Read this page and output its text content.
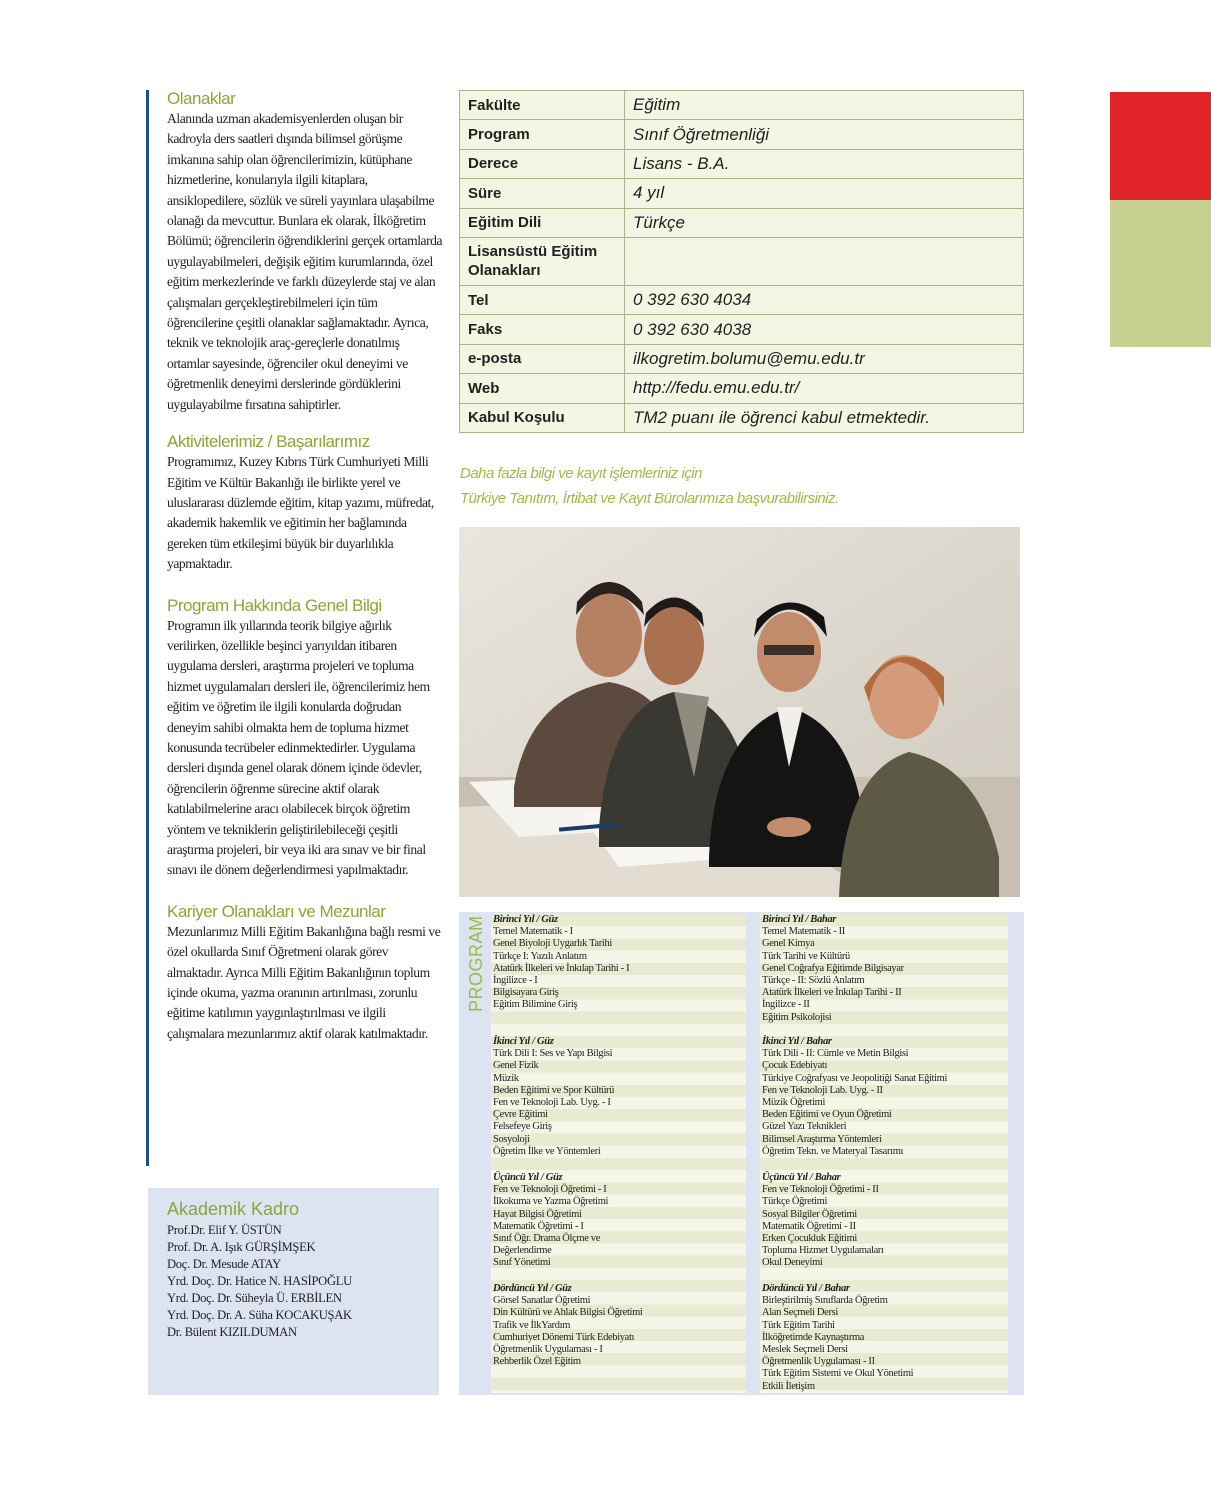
Olanaklar
Alanında uzman akademisyenlerden oluşan bir kadroyla ders saatleri dışında bilimsel görüşme imkanına sahip olan öğrencilerimizin, kütüphane hizmetlerine, konularıyla ilgili kitaplara, ansiklopedilere, sözlük ve süreli yayınlara ulaşabilme olanağı da mevcuttur. Bunlara ek olarak, İlköğretim Bölümü; öğrencilerin öğrendiklerini gerçek ortamlarda uygulayabilmeleri, değişik eğitim kurumlarında, özel eğitim merkezlerinde ve farklı düzeylerde staj ve alan çalışmaları gerçekleştirebilmeleri için tüm öğrencilerine çeşitli olanaklar sağlamaktadır. Ayrıca, teknik ve teknolojik araç-gereçlerle donatılmış ortamlar sayesinde, öğrenciler okul deneyimi ve öğretmenlik deneyimi derslerinde gördüklerini uygulayabilme fırsatına sahiptirler.
Aktivitelerimiz / Başarılarımız
Programımız, Kuzey Kıbrıs Türk Cumhuriyeti Milli Eğitim ve Kültür Bakanlığı ile birlikte yerel ve uluslararası düzlemde eğitim, kitap yazımı, müfredat, akademik hakemlik ve eğitimin her bağlamında gereken tüm etkileşimi büyük bir duyarlılıkla yapmaktadır.
Program Hakkında Genel Bilgi
Programın ilk yıllarında teorik bilgiye ağırlık verilirken, özellikle beşinci yarıyıldan itibaren uygulama dersleri, araştırma projeleri ve topluma hizmet uygulamaları dersleri ile, öğrencilerimiz hem eğitim ve öğretim ile ilgili konularda doğrudan deneyim sahibi olmakta hem de topluma hizmet konusunda tecrübeler edinmektedirler. Uygulama dersleri dışında genel olarak dönem içinde ödevler, öğrencilerin öğrenme sürecine aktif olarak katılabilmelerine aracı olabilecek birçok öğretim yöntem ve tekniklerin geliştirilebileceği çeşitli araştırma projeleri, bir veya iki ara sınav ve bir final sınavı ile dönem değerlendirmesi yapılmaktadır.
Kariyer Olanakları ve Mezunlar
Mezunlarımız Milli Eğitim Bakanlığına bağlı resmi ve özel okullarda Sınıf Öğretmeni olarak görev almaktadır. Ayrıca Milli Eğitim Bakanlığının toplum içinde okuma, yazma oranının artırılması, zorunlu eğitime katılımın yaygınlaştırılması ve ilgili çalışmalara mezunlarımız aktif olarak katılmaktadır.
Akademik Kadro
Prof.Dr. Elif Y. ÜSTÜN
Prof. Dr. A. Işık GÜRŞİMŞEK
Doç. Dr. Mesude ATAY
Yrd. Doç. Dr. Hatice N. HASİPOĞLU
Yrd. Doç. Dr. Süheyla Ü. ERBİLEN
Yrd. Doç. Dr. A. Süha KOCAKUŞAK
Dr. Bülent KIZILDUMAN
Fakülte	Eğitim
Program	Sınıf Öğretmenliği
Derece	Lisans - B.A.
Süre	4 yıl
Eğitim Dili	Türkçe
Lisansüstü Eğitim Olanakları	
Tel	0 392 630 4034
Faks	0 392 630 4038
e-posta	ilkogretim.bolumu@emu.edu.tr
Web	http://fedu.emu.edu.tr/
Kabul Koşulu	TM2 puanı ile öğrenci kabul etmektedir.
Daha fazla bilgi ve kayıt işlemleriniz için
Türkiye Tanıtım, İrtibat ve Kayıt Bürolarımıza başvurabilirsiniz.
PROGRAM Birinci Yıl / Güz
Temel Matematik - I
Genel Biyoloji Uygarlık Tarihi
Türkçe I: Yazılı Anlatım
Atatürk İlkeleri ve İnkılap Tarihi - I
İngilizce - I
Bilgisayara Giriş
Eğitim Bilimine Giriş
İkinci Yıl / Güz
Türk Dili I: Ses ve Yapı Bilgisi
Genel Fizik
Müzik
Beden Eğitimi ve Spor Kültürü
Fen ve Teknoloji Lab. Uyg. - I
Çevre Eğitimi
Felsefeye Giriş
Sosyoloji
Öğretim İlke ve Yöntemleri
Üçüncü Yıl / Güz
Fen ve Teknoloji Öğretimi - I
İlkokuma ve Yazma Öğretimi
Hayat Bilgisi Öğretimi
Matematik Öğretimi - I
Sınıf Öğr. Drama Ölçme ve
Değerlendirme
Sınıf Yönetimi
Dördüncü Yıl / Güz
Görsel Sanatlar Öğretimi
Din Kültürü ve Ahlak Bilgisi Öğretimi
Trafik ve İlkYardım
Cumhuriyet Dönemi Türk Edebiyatı
Öğretmenlik Uygulaması - I
Rehberlik Özel Eğitim
Birinci Yıl / Bahar
Temel Matematik - II
Genel Kimya
Türk Tarihi ve Kültürü
Genel Coğrafya Eğitimde Bilgisayar
Türkçe - II: Sözlü Anlatım
Atatürk İlkeleri ve İnkılap Tarihi - II
İngilizce - II
Eğitim Psikolojisi
İkinci Yıl / Bahar
Türk Dili - II: Cümle ve Metin Bilgisi
Çocuk Edebiyatı
Türkiye Coğrafyası ve Jeopolitiği Sanat Eğitimi
Fen ve Teknoloji Lab. Uyg. - II
Müzik Öğretimi
Beden Eğitimi ve Oyun Öğretimi
Güzel Yazı Teknikleri
Bilimsel Araştırma Yöntemleri
Öğretim Tekn. ve Materyal Tasarımı
Üçüncü Yıl / Bahar
Fen ve Teknoloji Öğretimi - II
Türkçe Öğretimi
Sosyal Bilgiler Öğretimi
Matematik Öğretimi - II
Erken Çocukluk Eğitimi
Topluma Hizmet Uygulamaları
Okul Deneyimi
Dördüncü Yıl / Bahar
Birleştirilmiş Sınıflarda Öğretim
Alan Seçmeli Dersi
Türk Eğitim Tarihi
İlköğretimde Kaynaştırma
Meslek Seçmeli Dersi
Öğretmenlik Uygulaması - II
Türk Eğitim Sistemi ve Okul Yönetimi
Etkili İletişim
